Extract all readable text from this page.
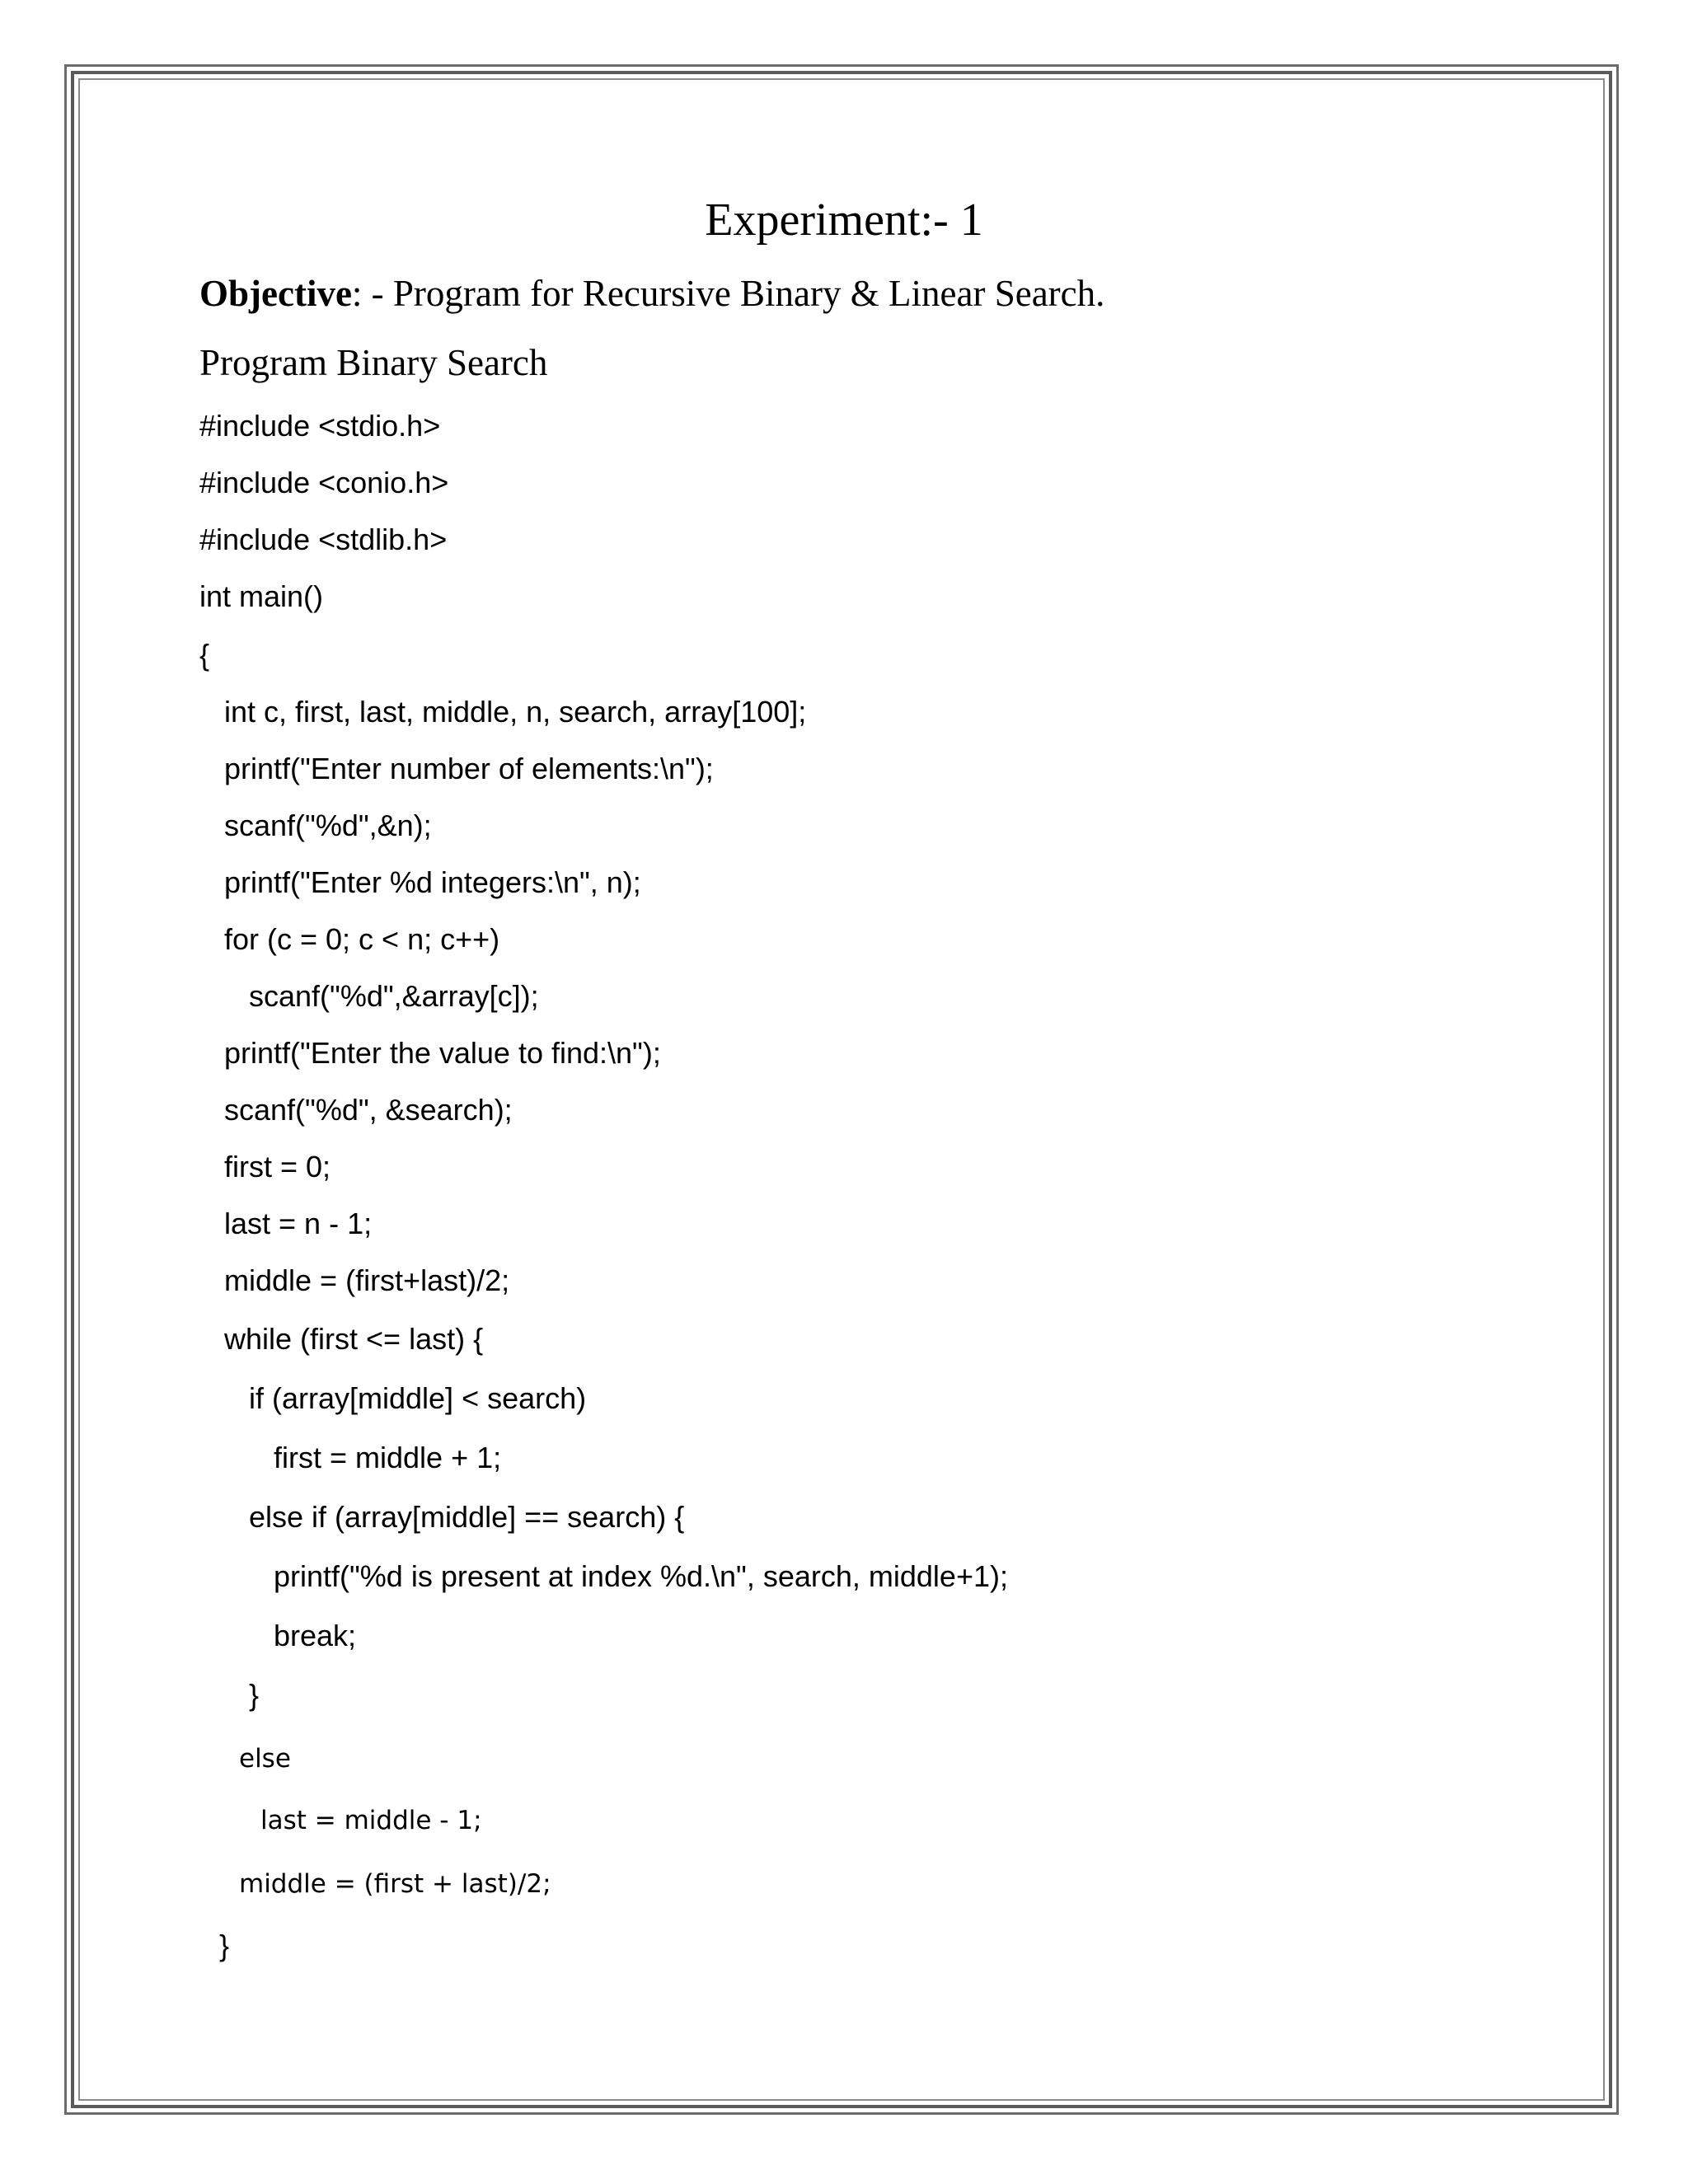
Experiment:- 1
Objective: - Program for Recursive Binary & Linear Search.
Program Binary Search
#include <stdio.h>
#include <conio.h>
#include <stdlib.h>
int main()
{
int c, first, last, middle, n, search, array[100];
printf("Enter number of elements:\n");
scanf("%d",&n);
printf("Enter %d integers:\n", n);
for (c = 0; c < n; c++)
scanf("%d",&array[c]);
printf("Enter the value to find:\n");
scanf("%d", &search);
first = 0;
last = n - 1;
middle = (first+last)/2;
while (first <= last) {
if (array[middle] < search)
first = middle + 1;
else if (array[middle] == search) {
printf("%d is present at index %d.\n", search, middle+1);
break;
}
else
last = middle - 1;
middle = (first + last)/2;
}
